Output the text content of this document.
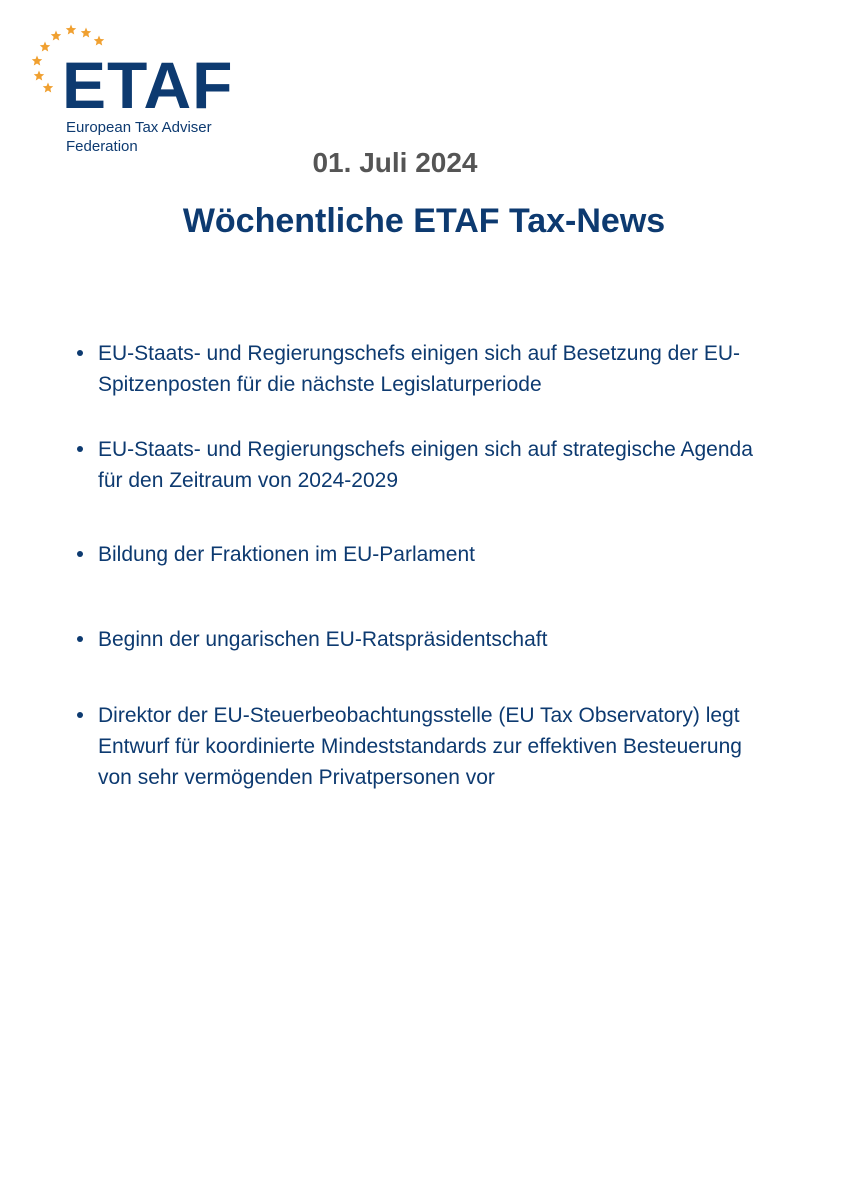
ETAF
European Tax Adviser
Federation
01. Juli 2024
Wöchentliche ETAF Tax-News
EU-Staats- und Regierungschefs einigen sich auf Besetzung der EU-Spitzenposten für die nächste Legislaturperiode
EU-Staats- und Regierungschefs einigen sich auf strategische Agenda für den Zeitraum von 2024-2029
Bildung der Fraktionen im EU-Parlament
Beginn der ungarischen EU-Ratspräsidentschaft
Direktor der EU-Steuerbeobachtungsstelle (EU Tax Observatory) legt Entwurf für koordinierte Mindeststandards zur effektiven Besteuerung von sehr vermögenden Privatpersonen vor
